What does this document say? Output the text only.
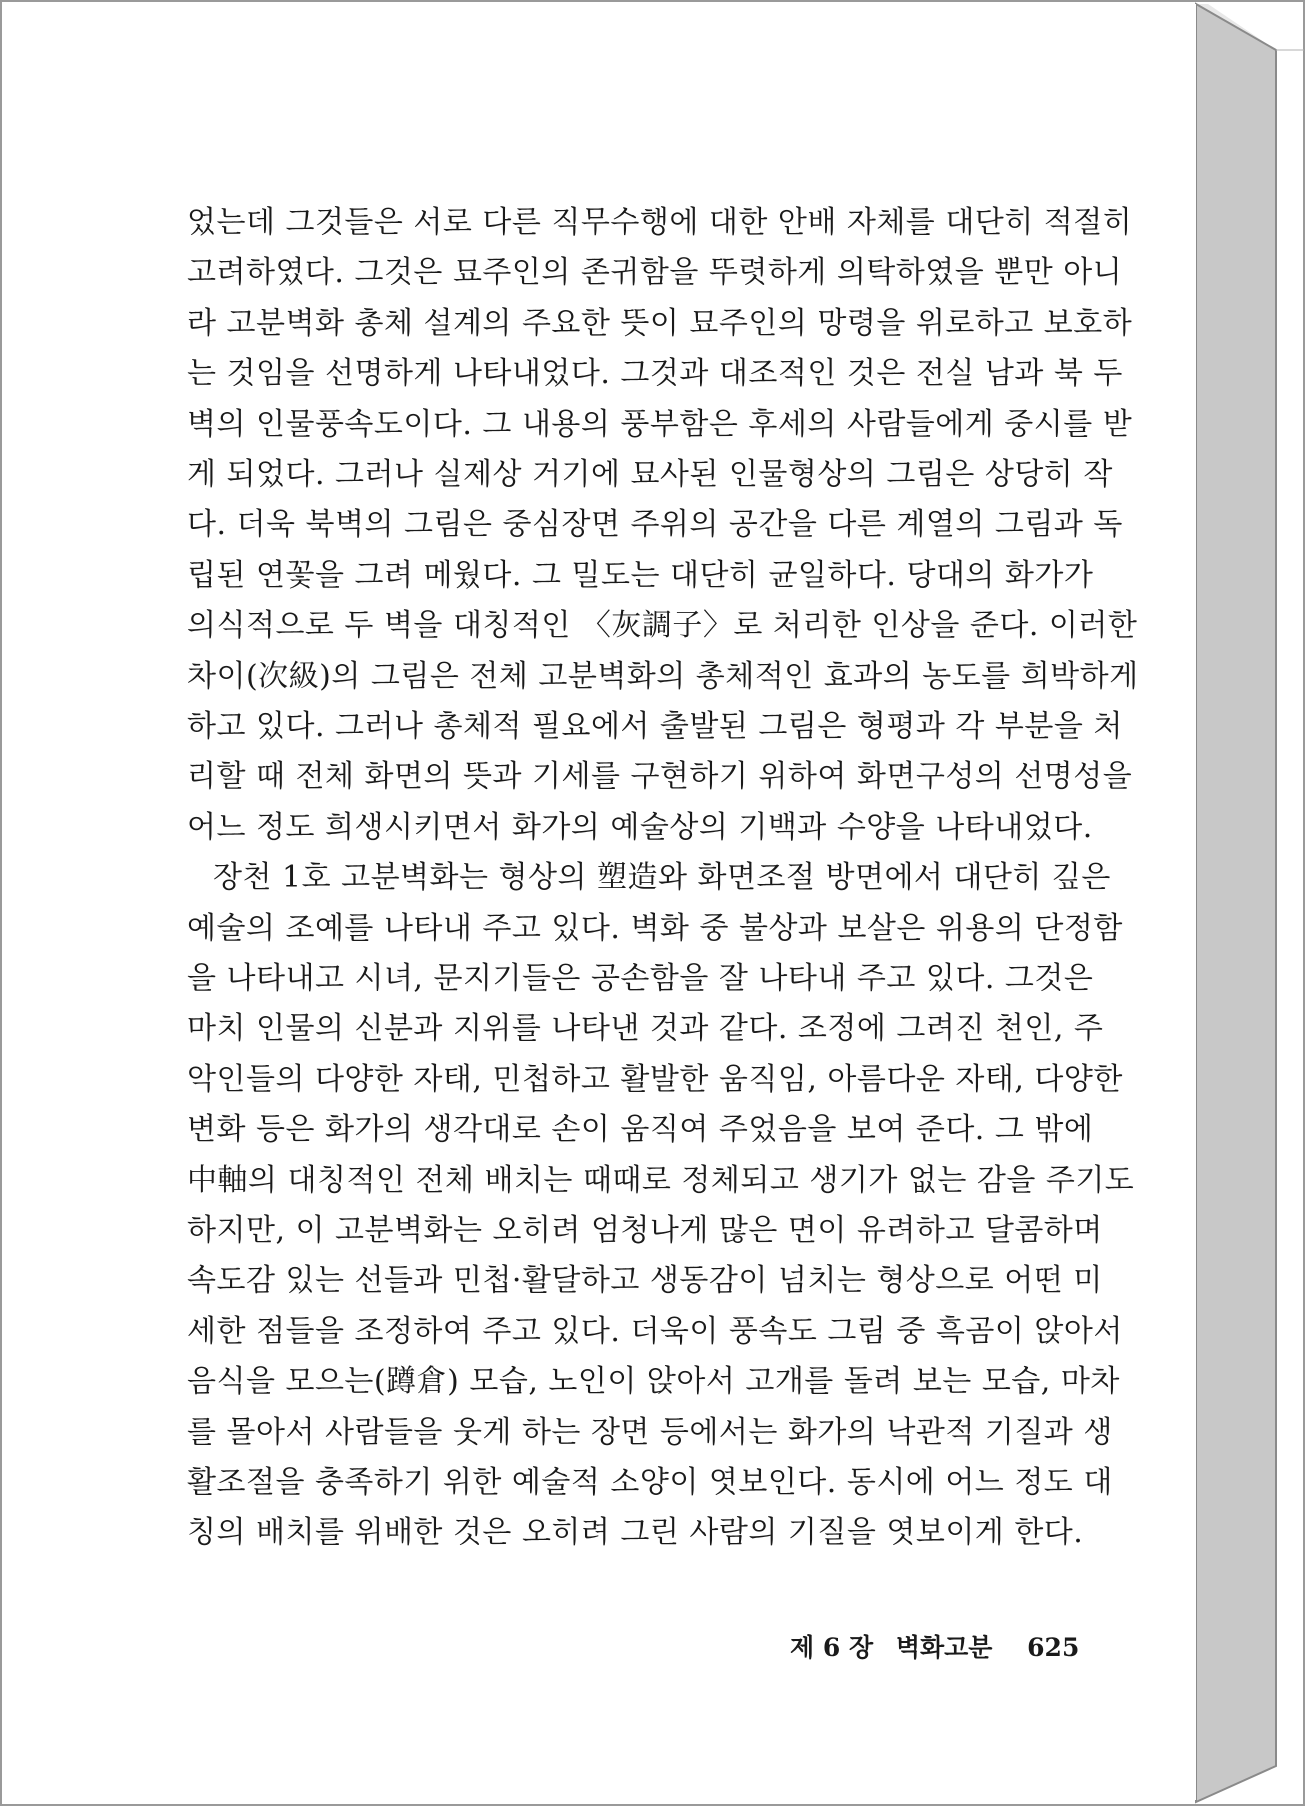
었는데 그것들은 서로 다른 직무수행에 대한 안배 자체를 대단히 적절히
고려하였다. 그것은 묘주인의 존귀함을 뚜렷하게 의탁하였을 뿐만 아니
라 고분벽화 총체 설계의 주요한 뜻이 묘주인의 망령을 위로하고 보호하
는 것임을 선명하게 나타내었다. 그것과 대조적인 것은 전실 남과 북 두
벽의 인물풍속도이다. 그 내용의 풍부함은 후세의 사람들에게 중시를 받
게 되었다. 그러나 실제상 거기에 묘사된 인물형상의 그림은 상당히 작
다. 더욱 북벽의 그림은 중심장면 주위의 공간을 다른 계열의 그림과 독
립된 연꽃을 그려 메웠다. 그 밀도는 대단히 균일하다. 당대의 화가가
의식적으로 두 벽을 대칭적인 〈灰調子〉로 처리한 인상을 준다. 이러한
차이(次級)의 그림은 전체 고분벽화의 총체적인 효과의 농도를 희박하게
하고 있다. 그러나 총체적 필요에서 출발된 그림은 형평과 각 부분을 처
리할 때 전체 화면의 뜻과 기세를 구현하기 위하여 화면구성의 선명성을
어느 정도 희생시키면서 화가의 예술상의 기백과 수양을 나타내었다.
장천 1호 고분벽화는 형상의 塑造와 화면조절 방면에서 대단히 깊은
예술의 조예를 나타내 주고 있다. 벽화 중 불상과 보살은 위용의 단정함
을 나타내고 시녀, 문지기들은 공손함을 잘 나타내 주고 있다. 그것은
마치 인물의 신분과 지위를 나타낸 것과 같다. 조정에 그려진 천인, 주
악인들의 다양한 자태, 민첩하고 활발한 움직임, 아름다운 자태, 다양한
변화 등은 화가의 생각대로 손이 움직여 주었음을 보여 준다. 그 밖에
中軸의 대칭적인 전체 배치는 때때로 정체되고 생기가 없는 감을 주기도
하지만, 이 고분벽화는 오히려 엄청나게 많은 면이 유려하고 달콤하며
속도감 있는 선들과 민첩·활달하고 생동감이 넘치는 형상으로 어떤 미
세한 점들을 조정하여 주고 있다. 더욱이 풍속도 그림 중 흑곰이 앉아서
음식을 모으는(蹲倉) 모습, 노인이 앉아서 고개를 돌려 보는 모습, 마차
를 몰아서 사람들을 웃게 하는 장면 등에서는 화가의 낙관적 기질과 생
활조절을 충족하기 위한 예술적 소양이 엿보인다. 동시에 어느 정도 대
칭의 배치를 위배한 것은 오히려 그린 사람의 기질을 엿보이게 한다.
제 6 장 벽화고분 625
